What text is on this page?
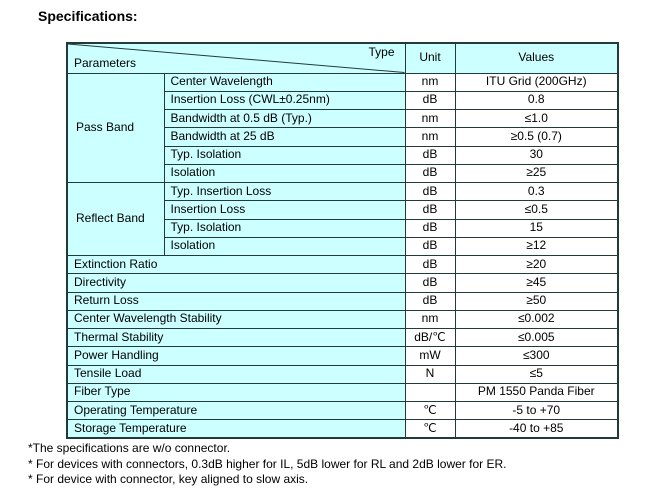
Specifications:
Type
Parameters		Unit	Values
Pass Band	Center Wavelength	nm	ITU Grid (200GHz)
	Insertion Loss (CWL±0.25nm)	dB	0.8
	Bandwidth at 0.5 dB (Typ.)	nm	≤1.0
	Bandwidth at 25 dB	nm	≥0.5 (0.7)
	Typ. Isolation	dB	30
	Isolation	dB	≥25
Reflect Band	Typ. Insertion Loss	dB	0.3
	Insertion Loss	dB	≤0.5
	Typ. Isolation	dB	15
	Isolation	dB	≥12
Extinction Ratio		dB	≥20
Directivity		dB	≥45
Return Loss		dB	≥50
Center Wavelength Stability		nm	≤0.002
Thermal Stability		dB/℃	≤0.005
Power Handling		mW	≤300
Tensile Load		N	≤5
Fiber Type			PM 1550 Panda Fiber
Operating Temperature		℃	-5 to +70
Storage Temperature		℃	-40 to +85
*The specifications are w/o connector.
* For devices with connectors, 0.3dB higher for IL, 5dB lower for RL and 2dB lower for ER.
* For device with connector, key aligned to slow axis.
